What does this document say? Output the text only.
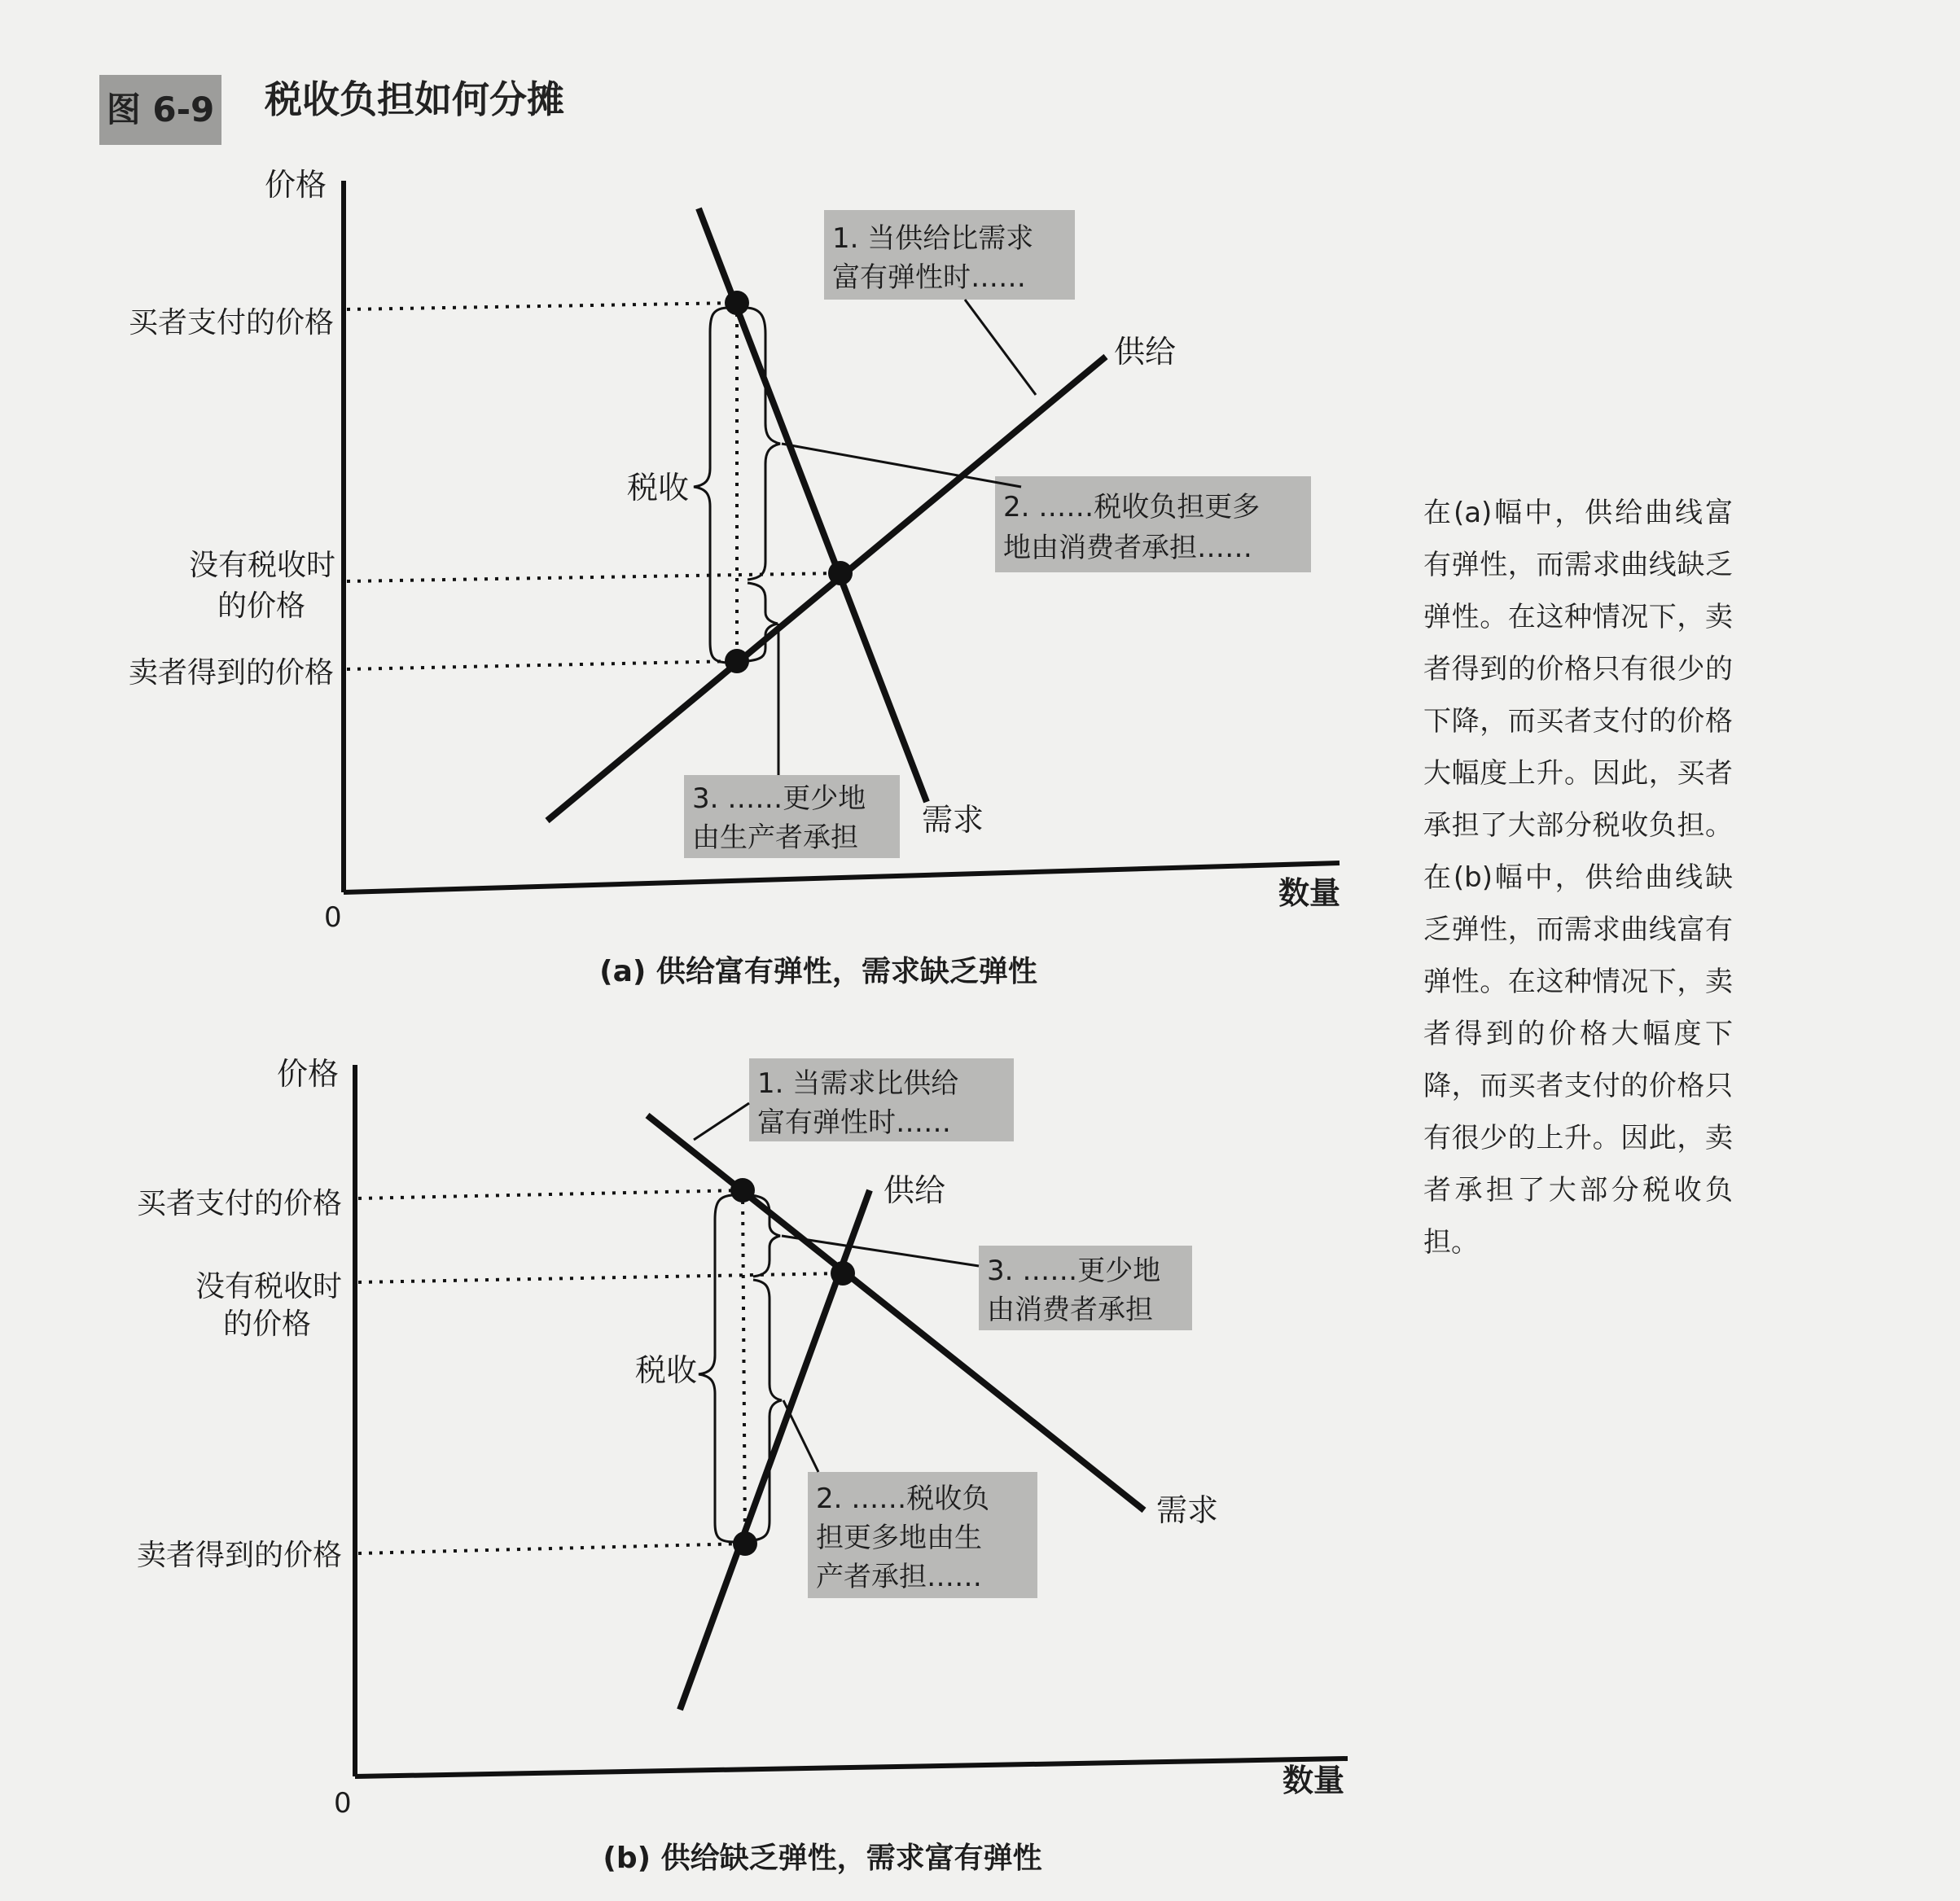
图 6-9 税收负担如何分摊
价格
数量
0
买者支付的价格
没有税收时
的价格
卖者得到的价格
供给
需求
税收
1. 当供给比需求
富有弹性时……
2. ……税收负担更多
地由消费者承担……
3. ……更少地
由生产者承担
(a) 供给富有弹性，需求缺乏弹性
价格
数量
0
买者支付的价格
没有税收时
的价格
卖者得到的价格
供给
需求
税收
1. 当需求比供给
富有弹性时……
3. ……更少地
由消费者承担
2. ……税收负
担更多地由生
产者承担……
(b) 供给缺乏弹性，需求富有弹性
在(a)幅中，供给曲线富有弹性，而需求曲线缺乏弹性。在这种情况下，卖者得到的价格只有很少的下降，而买者支付的价格大幅度上升。因此，买者承担了大部分税收负担。在(b)幅中，供给曲线缺乏弹性，而需求曲线富有弹性。在这种情况下，卖者得到的价格大幅度下降，而买者支付的价格只有很少的上升。因此，卖者承担了大部分税收负担。
